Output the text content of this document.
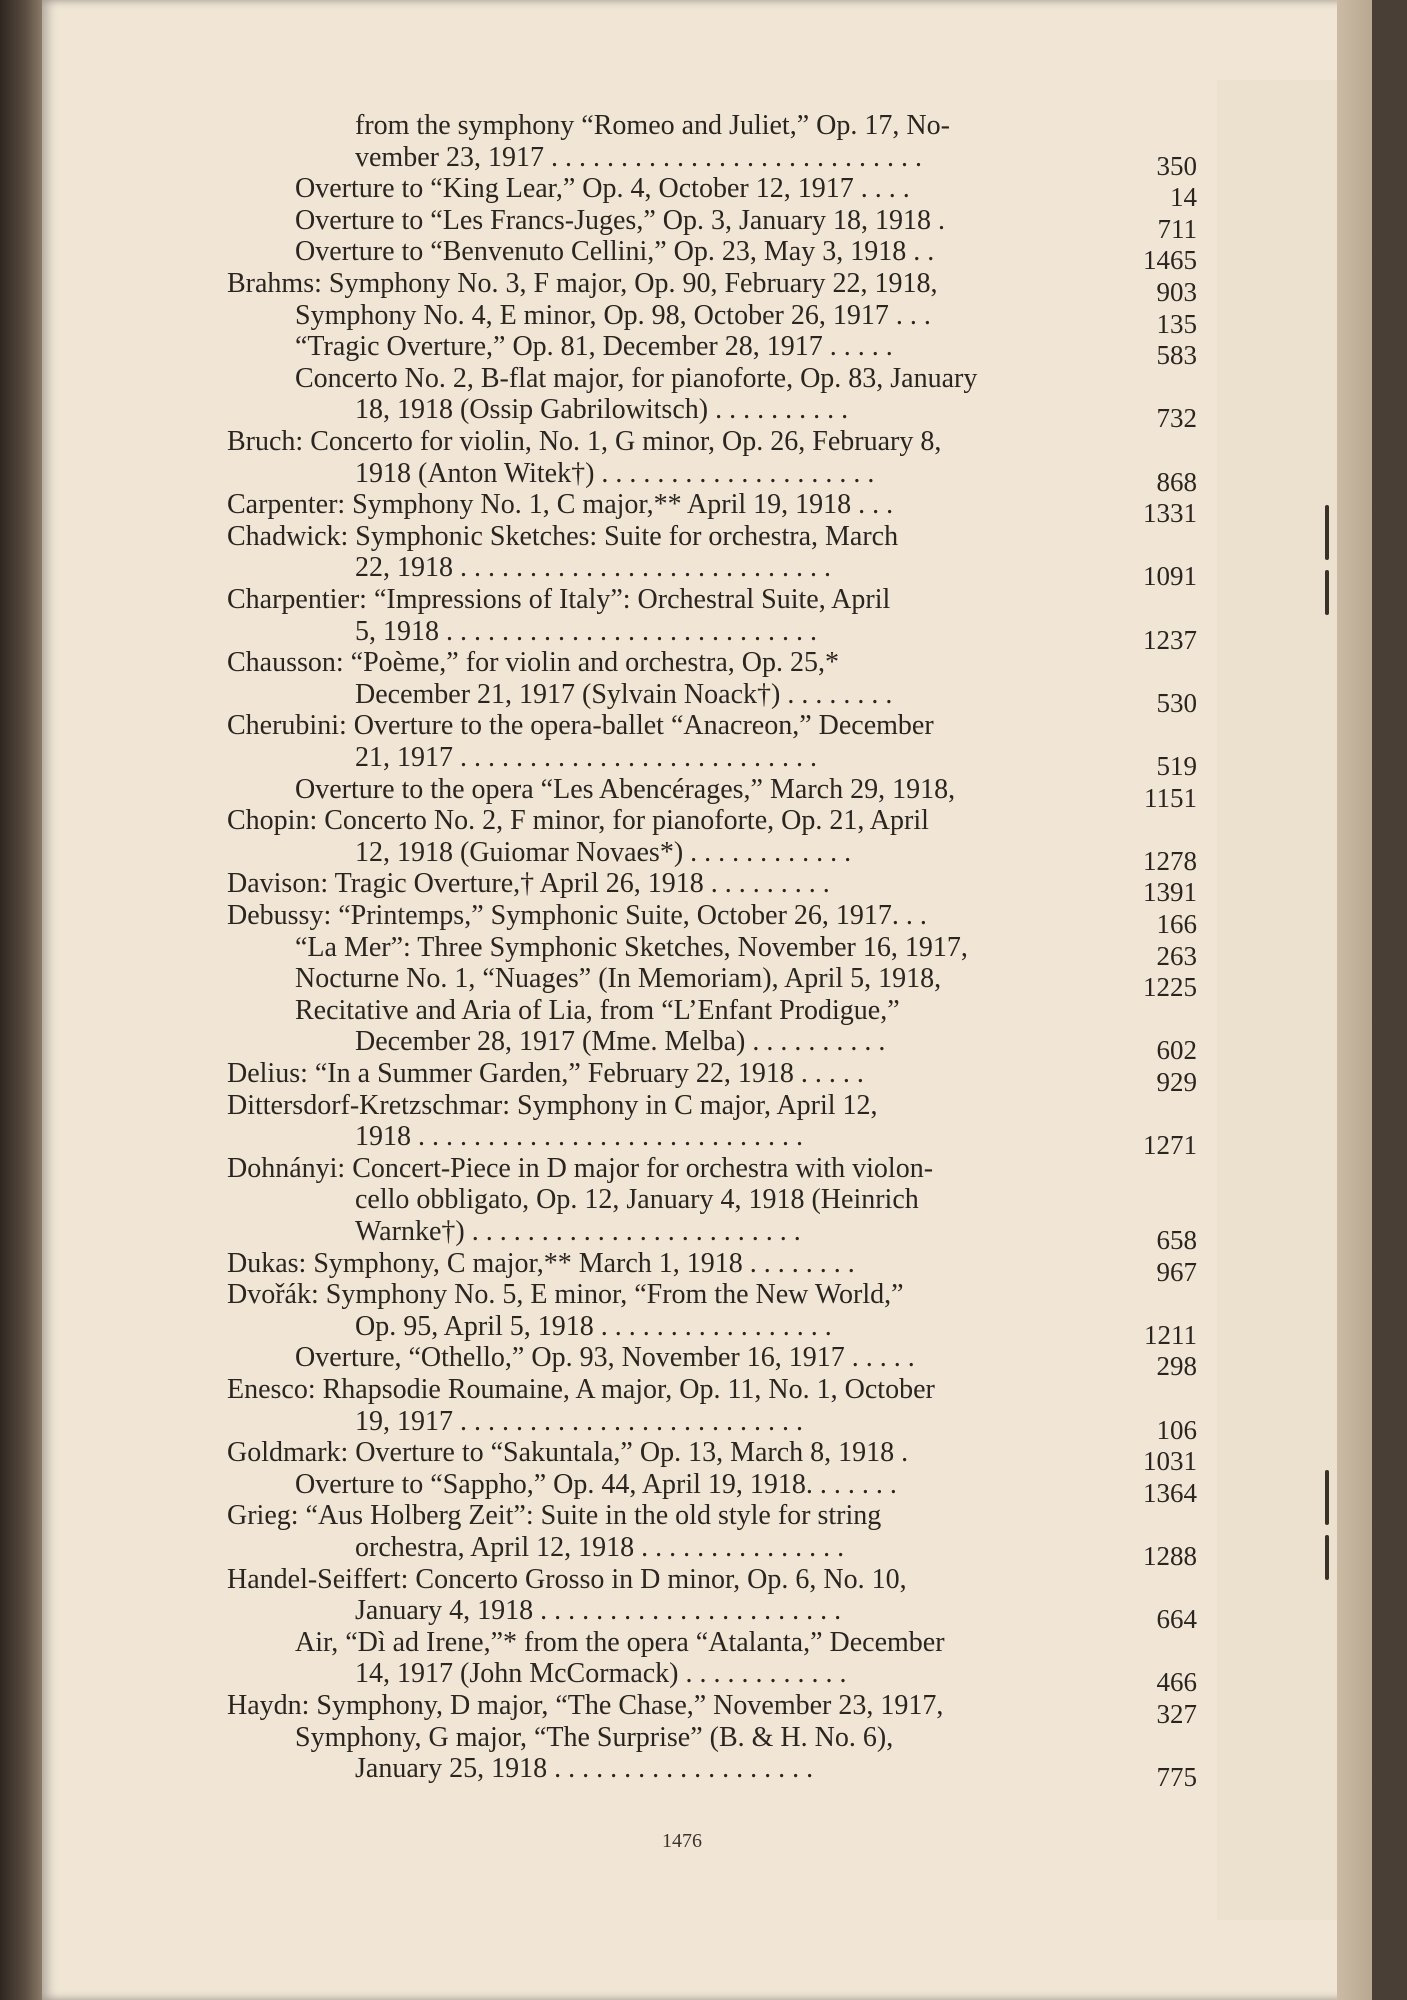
from the symphony “Romeo and Juliet,” Op. 17, No-
vember 23, 1917 . . . . . . . . . . . . . . . . . . . . . . . . . . .	350
Overture to “King Lear,” Op. 4, October 12, 1917 . . . .	14
Overture to “Les Francs-Juges,” Op. 3, January 18, 1918 .	711
Overture to “Benvenuto Cellini,” Op. 23, May 3, 1918 . .	1465
Brahms: Symphony No. 3, F major, Op. 90, February 22, 1918,	903
Symphony No. 4, E minor, Op. 98, October 26, 1917 . . .	135
“Tragic Overture,” Op. 81, December 28, 1917 . . . . .	583
Concerto No. 2, B-flat major, for pianoforte, Op. 83, January
18, 1918 (Ossip Gabrilowitsch) . . . . . . . . . .	732
Bruch: Concerto for violin, No. 1, G minor, Op. 26, February 8,
1918 (Anton Witek†) . . . . . . . . . . . . . . . . . . . .	868
Carpenter: Symphony No. 1, C major,** April 19, 1918 . . .	1331
Chadwick: Symphonic Sketches: Suite for orchestra, March
22, 1918 . . . . . . . . . . . . . . . . . . . . . . . . . . .	1091
Charpentier: “Impressions of Italy”: Orchestral Suite, April
5, 1918 . . . . . . . . . . . . . . . . . . . . . . . . . . .	1237
Chausson: “Poème,” for violin and orchestra, Op. 25,*
December 21, 1917 (Sylvain Noack†) . . . . . . . .	530
Cherubini: Overture to the opera-ballet “Anacreon,” December
21, 1917 . . . . . . . . . . . . . . . . . . . . . . . . . .	519
Overture to the opera “Les Abencérages,” March 29, 1918,	1151
Chopin: Concerto No. 2, F minor, for pianoforte, Op. 21, April
12, 1918 (Guiomar Novaes*) . . . . . . . . . . . .	1278
Davison: Tragic Overture,† April 26, 1918 . . . . . . . . .	1391
Debussy: “Printemps,” Symphonic Suite, October 26, 1917. . .	166
“La Mer”: Three Symphonic Sketches, November 16, 1917,	263
Nocturne No. 1, “Nuages” (In Memoriam), April 5, 1918,	1225
Recitative and Aria of Lia, from “L’Enfant Prodigue,”
December 28, 1917 (Mme. Melba) . . . . . . . . . .	602
Delius: “In a Summer Garden,” February 22, 1918 . . . . .	929
Dittersdorf-Kretzschmar: Symphony in C major, April 12,
1918 . . . . . . . . . . . . . . . . . . . . . . . . . . . .	1271
Dohnányi: Concert-Piece in D major for orchestra with violon-
cello obbligato, Op. 12, January 4, 1918 (Heinrich
Warnke†) . . . . . . . . . . . . . . . . . . . . . . . .	658
Dukas: Symphony, C major,** March 1, 1918 . . . . . . . .	967
Dvořák: Symphony No. 5, E minor, “From the New World,”
Op. 95, April 5, 1918 . . . . . . . . . . . . . . . . .	1211
Overture, “Othello,” Op. 93, November 16, 1917 . . . . .	298
Enesco: Rhapsodie Roumaine, A major, Op. 11, No. 1, October
19, 1917 . . . . . . . . . . . . . . . . . . . . . . . . .	106
Goldmark: Overture to “Sakuntala,” Op. 13, March 8, 1918 .	1031
Overture to “Sappho,” Op. 44, April 19, 1918. . . . . . .	1364
Grieg: “Aus Holberg Zeit”: Suite in the old style for string
orchestra, April 12, 1918 . . . . . . . . . . . . . . .	1288
Handel-Seiffert: Concerto Grosso in D minor, Op. 6, No. 10,
January 4, 1918 . . . . . . . . . . . . . . . . . . . . . .	664
Air, “Dì ad Irene,”* from the opera “Atalanta,” December
14, 1917 (John McCormack) . . . . . . . . . . . .	466
Haydn: Symphony, D major, “The Chase,” November 23, 1917,	327
Symphony, G major, “The Surprise” (B. & H. No. 6),
January 25, 1918 . . . . . . . . . . . . . . . . . . .	775
1476
